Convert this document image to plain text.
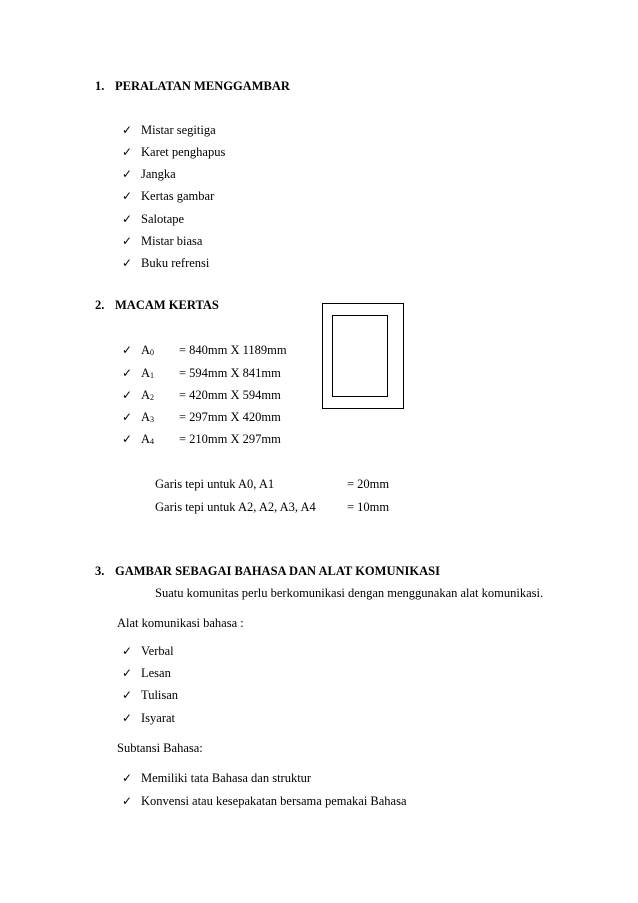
1. PERALATAN MENGGAMBAR
✓ Mistar segitiga
✓ Karet penghapus
✓ Jangka
✓ Kertas gambar
✓ Salotape
✓ Mistar biasa
✓ Buku refrensi
2. MACAM KERTAS
✓ $A_0 = 840mm$ X 1189mm
✓ $A_1 = 594mm$ X 841mm
✓ $A_2 = 420mm$ X 594mm
✓ $A_3 = 297mm$ X 420mm
✓ $A_4 = 210mm$ X 297mm
Garis tepi untuk A0, A1	= 20mm
Garis tepi untuk A2, A2, A3, A4 = 10mm
3. GAMBAR SEBAGAI BAHASA DAN ALAT KOMUNIKASI
Suatu komunitas perlu berkomunikasi dengan menggunakan alat komunikasi.
Alat komunikasi bahasa :
✓ Verbal
✓ Lesan
✓ Tulisan
✓ Isyarat
Subtansi Bahasa:
✓ Memiliki tata Bahasa dan struktur
✓ Konvensi atau kesepakatan bersama pemakai Bahasa
